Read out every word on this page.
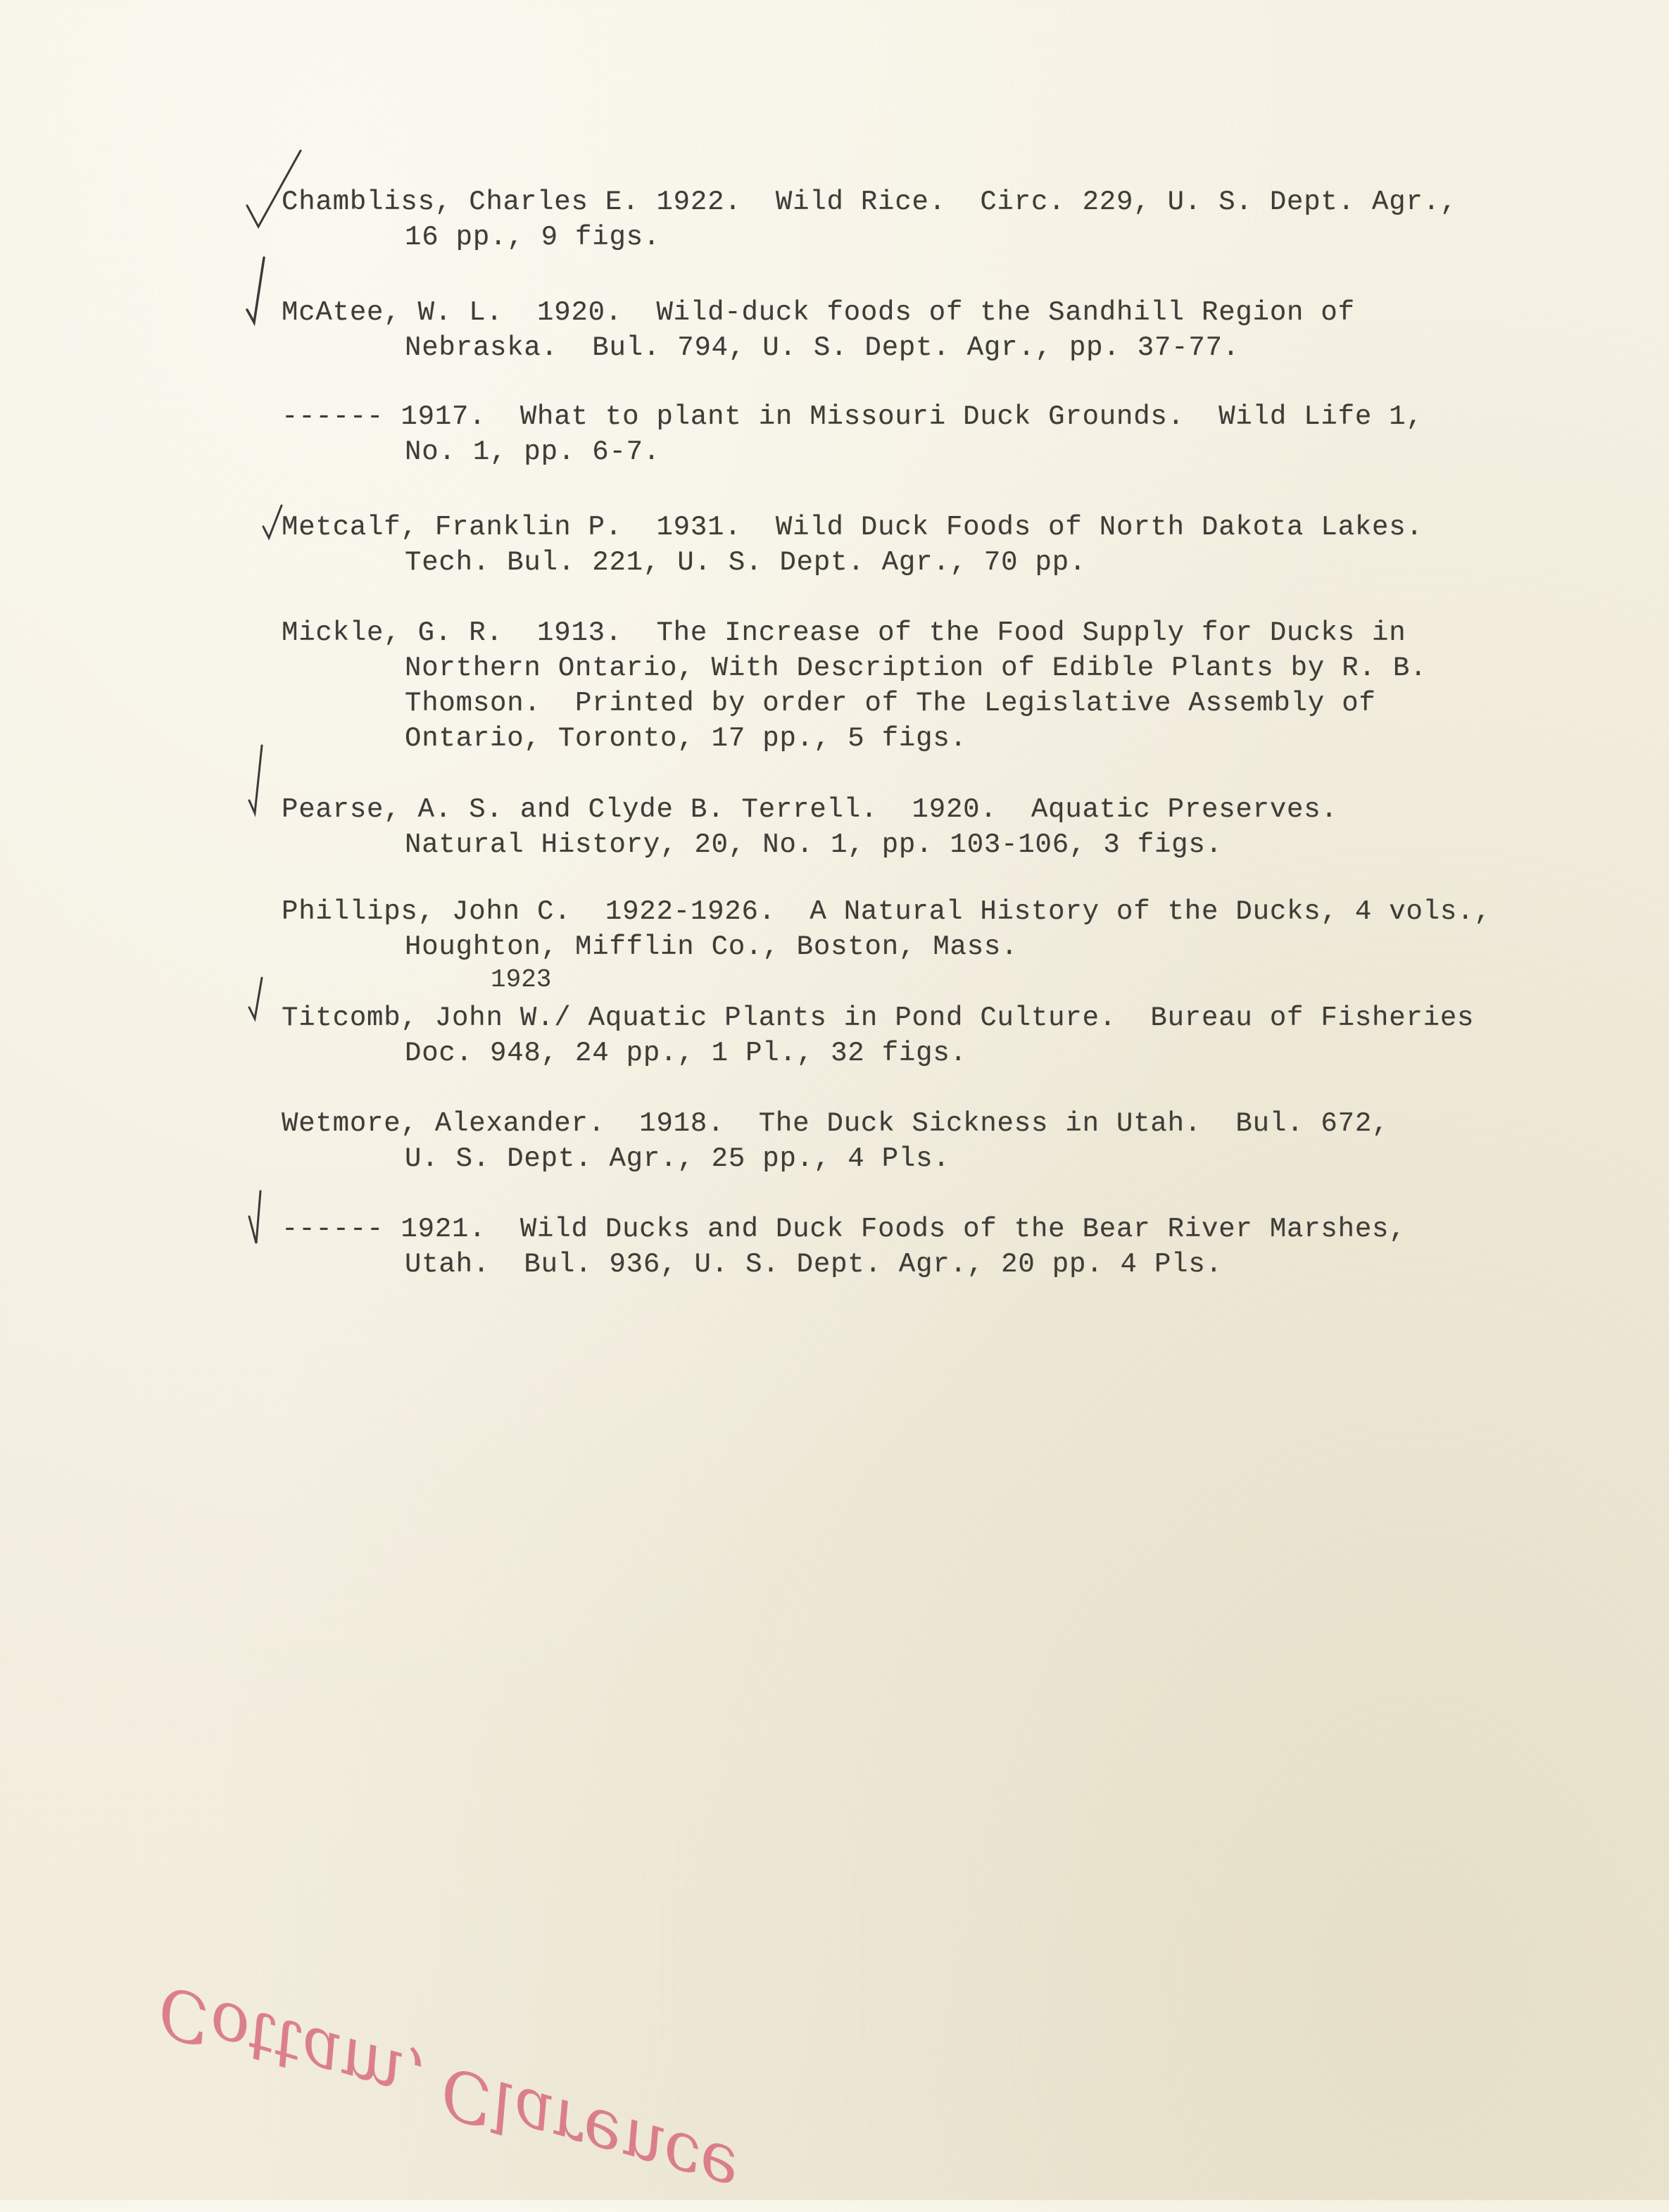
Chambliss, Charles E. 1922.  Wild Rice.  Circ. 229, U. S. Dept. Agr.,
16 pp., 9 figs.
McAtee, W. L.  1920.  Wild-duck foods of the Sandhill Region of
Nebraska.  Bul. 794, U. S. Dept. Agr., pp. 37-77.
------ 1917.  What to plant in Missouri Duck Grounds.  Wild Life 1,
No. 1, pp. 6-7.
Metcalf, Franklin P.  1931.  Wild Duck Foods of North Dakota Lakes.
Tech. Bul. 221, U. S. Dept. Agr., 70 pp.
Mickle, G. R.  1913.  The Increase of the Food Supply for Ducks in
Northern Ontario, With Description of Edible Plants by R. B.
Thomson.  Printed by order of The Legislative Assembly of
Ontario, Toronto, 17 pp., 5 figs.
Pearse, A. S. and Clyde B. Terrell.  1920.  Aquatic Preserves.
Natural History, 20, No. 1, pp. 103-106, 3 figs.
Phillips, John C.  1922-1926.  A Natural History of the Ducks, 4 vols.,
Houghton, Mifflin Co., Boston, Mass.
1923
Titcomb, John W./ Aquatic Plants in Pond Culture.  Bureau of Fisheries
Doc. 948, 24 pp., 1 Pl., 32 figs.
Wetmore, Alexander.  1918.  The Duck Sickness in Utah.  Bul. 672,
U. S. Dept. Agr., 25 pp., 4 Pls.
------ 1921.  Wild Ducks and Duck Foods of the Bear River Marshes,
Utah.  Bul. 936, U. S. Dept. Agr., 20 pp. 4 Pls.
Cottam, Clarence
